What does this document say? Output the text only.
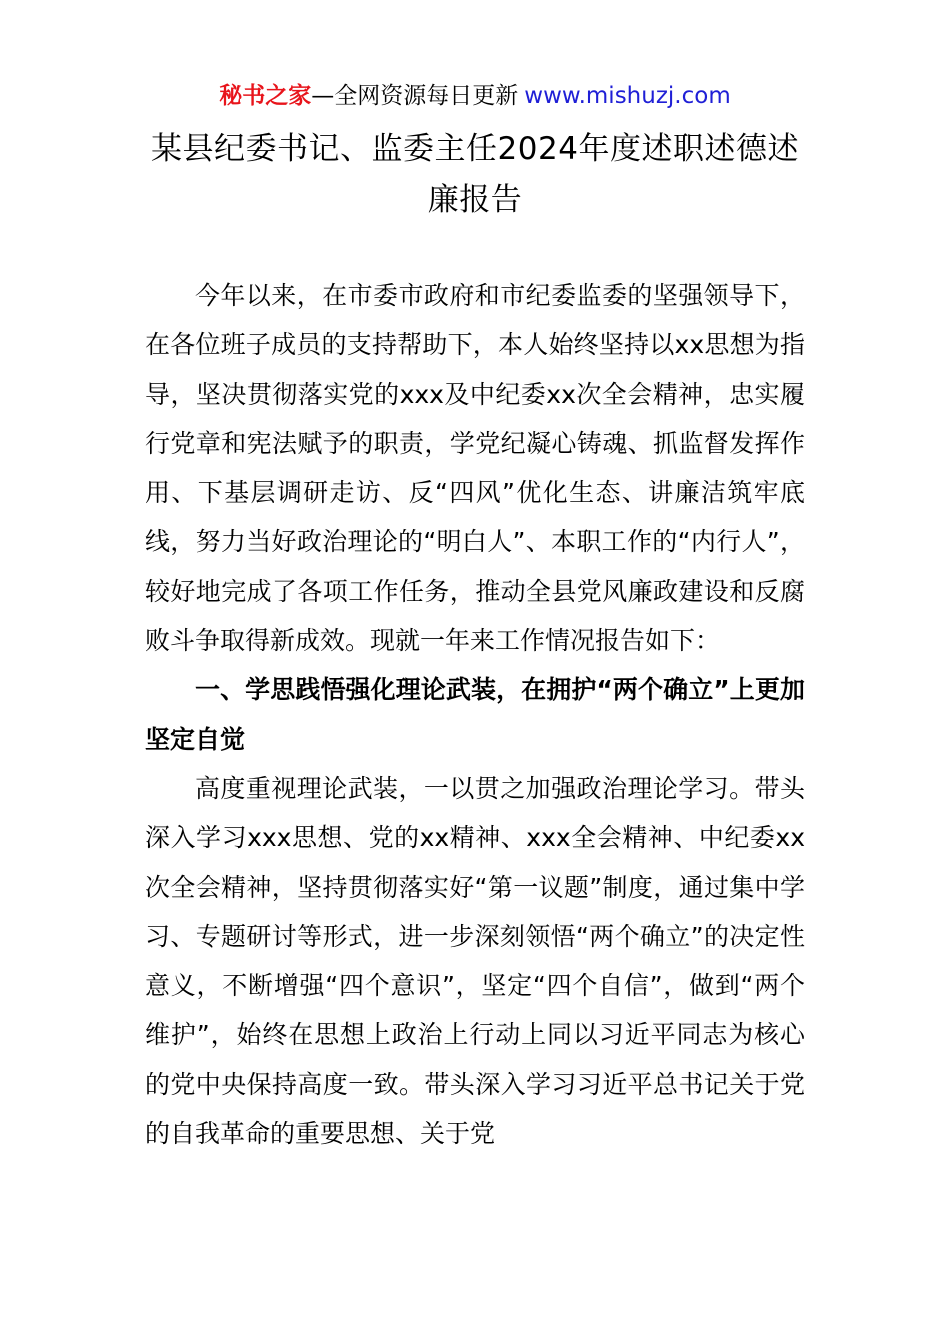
秘书之家—全网资源每日更新 www.mishuzj.com
某县纪委书记、监委主任2024年度述职述德述廉报告

今年以来，在市委市政府和市纪委监委的坚强领导下，在各位班子成员的支持帮助下，本人始终坚持以xx思想为指导，坚决贯彻落实党的xxx及中纪委xx次全会精神，忠实履行党章和宪法赋予的职责，学党纪凝心铸魂、抓监督发挥作用、下基层调研走访、反“四风”优化生态、讲廉洁筑牢底线，努力当好政治理论的“明白人”、本职工作的“内行人”，较好地完成了各项工作任务，推动全县党风廉政建设和反腐败斗争取得新成效。现就一年来工作情况报告如下：

一、学思践悟强化理论武装，在拥护“两个确立”上更加坚定自觉

高度重视理论武装，一以贯之加强政治理论学习。带头深入学习xxx思想、党的xx精神、xxx全会精神、中纪委xx次全会精神，坚持贯彻落实好“第一议题”制度，通过集中学习、专题研讨等形式，进一步深刻领悟“两个确立”的决定性意义，不断增强“四个意识”，坚定“四个自信”，做到“两个维护”，始终在思想上政治上行动上同以习近平同志为核心的党中央保持高度一致。带头深入学习习近平总书记关于党的自我革命的重要思想、关于党
